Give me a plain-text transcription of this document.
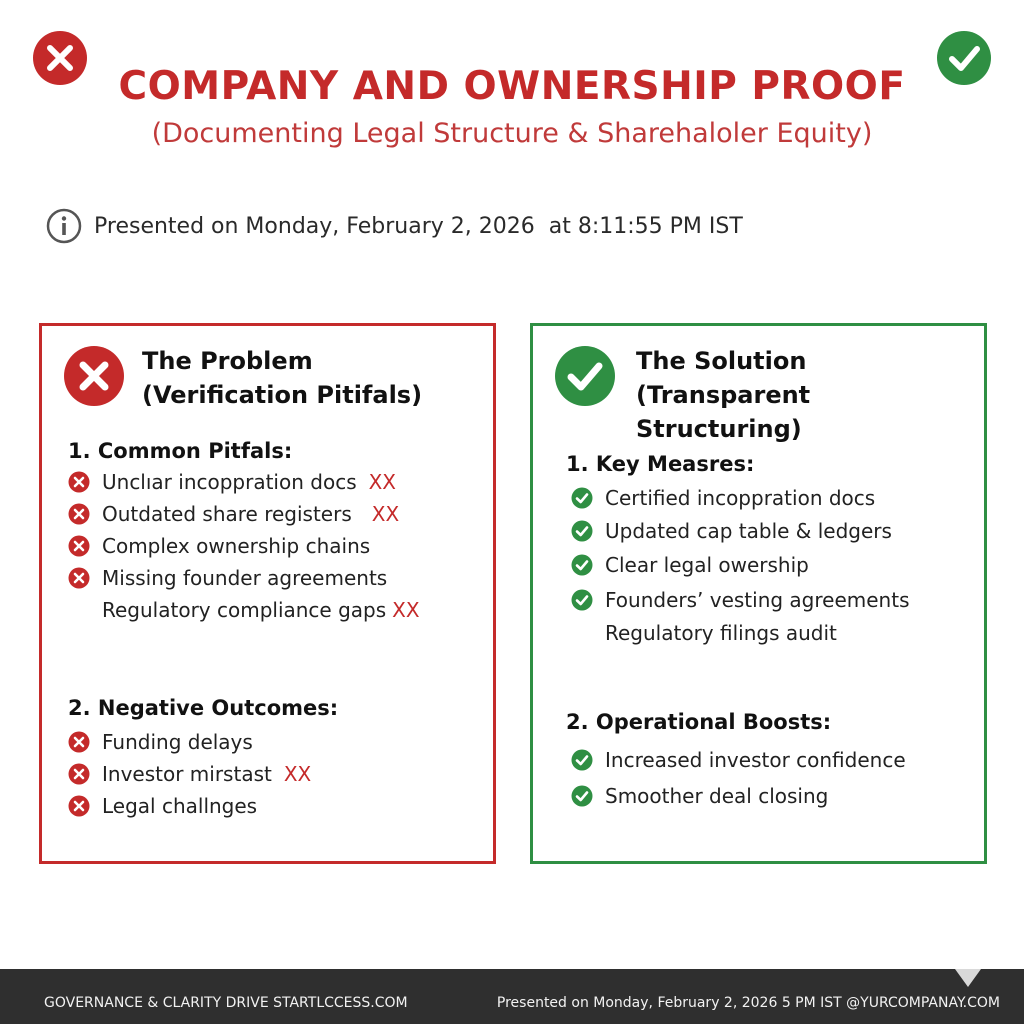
COMPANY AND OWNERSHIP PROOF
(Documenting Legal Structure & Sharehaloler Equity)
Presented on Monday, February 2, 2026 at 8:11:55 PM IST
The Problem
(Verification Pitifals)
1. Common Pitfals:
Unclıar incoppration docs XX
Outdated share registers XX
Complex ownership chains
Missing founder agreements
Regulatory compliance gaps XX
2. Negative Outcomes:
Funding delays
Investor mirstast XX
Legal challnges
The Solution
(Transparent Structuring)
1. Key Measres:
Certified incoppration docs
Updated cap table & ledgers
Clear legal owership
Founders’ vesting agreements
Regulatory filings audit
2. Operational Boosts:
Increased investor confidence
Smoother deal closing
GOVERNANCE & CLARITY DRIVE STARTLCCESS.COM	Presented on Monday, February 2, 2026 5 PM IST @YURCOMPANAY.COM
